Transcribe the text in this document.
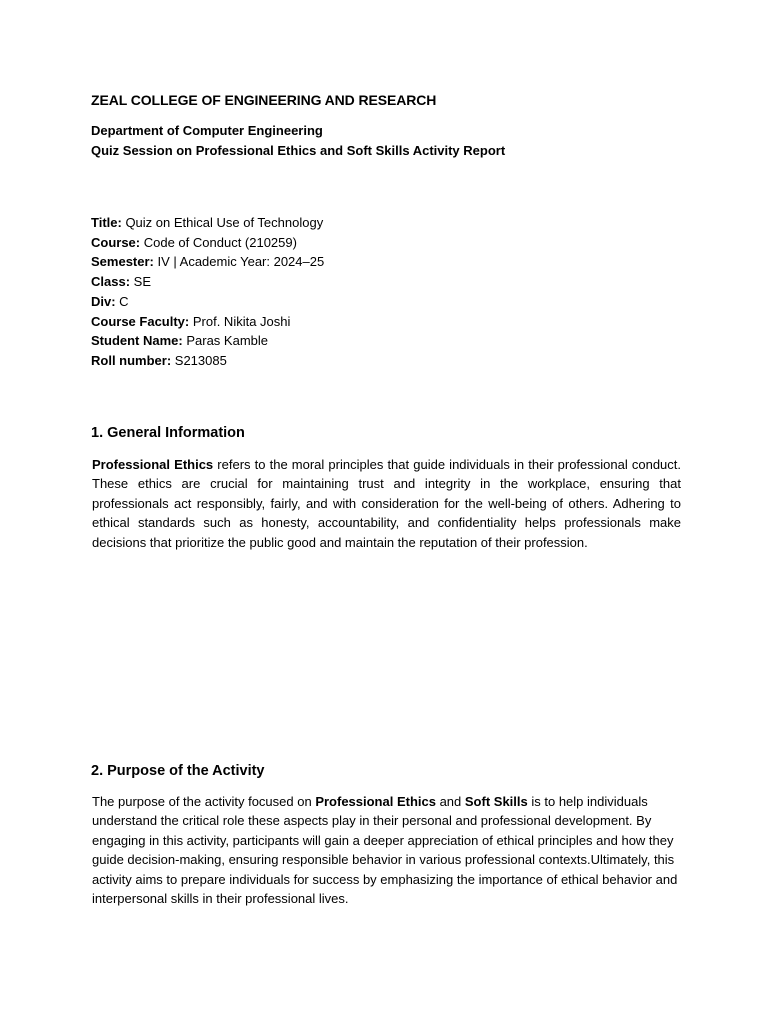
ZEAL COLLEGE OF ENGINEERING AND RESEARCH
Department of Computer Engineering
Quiz Session on Professional Ethics and Soft Skills Activity Report
Title: Quiz on Ethical Use of Technology
Course: Code of Conduct (210259)
Semester: IV | Academic Year: 2024–25
Class: SE
Div: C
Course Faculty: Prof. Nikita Joshi
Student Name: Paras Kamble
Roll number: S213085
1. General Information
Professional Ethics refers to the moral principles that guide individuals in their professional conduct. These ethics are crucial for maintaining trust and integrity in the workplace, ensuring that professionals act responsibly, fairly, and with consideration for the well-being of others. Adhering to ethical standards such as honesty, accountability, and confidentiality helps professionals make decisions that prioritize the public good and maintain the reputation of their profession.
2. Purpose of the Activity
The purpose of the activity focused on Professional Ethics and Soft Skills is to help individuals understand the critical role these aspects play in their personal and professional development. By engaging in this activity, participants will gain a deeper appreciation of ethical principles and how they guide decision-making, ensuring responsible behavior in various professional contexts.Ultimately, this activity aims to prepare individuals for success by emphasizing the importance of ethical behavior and interpersonal skills in their professional lives.
